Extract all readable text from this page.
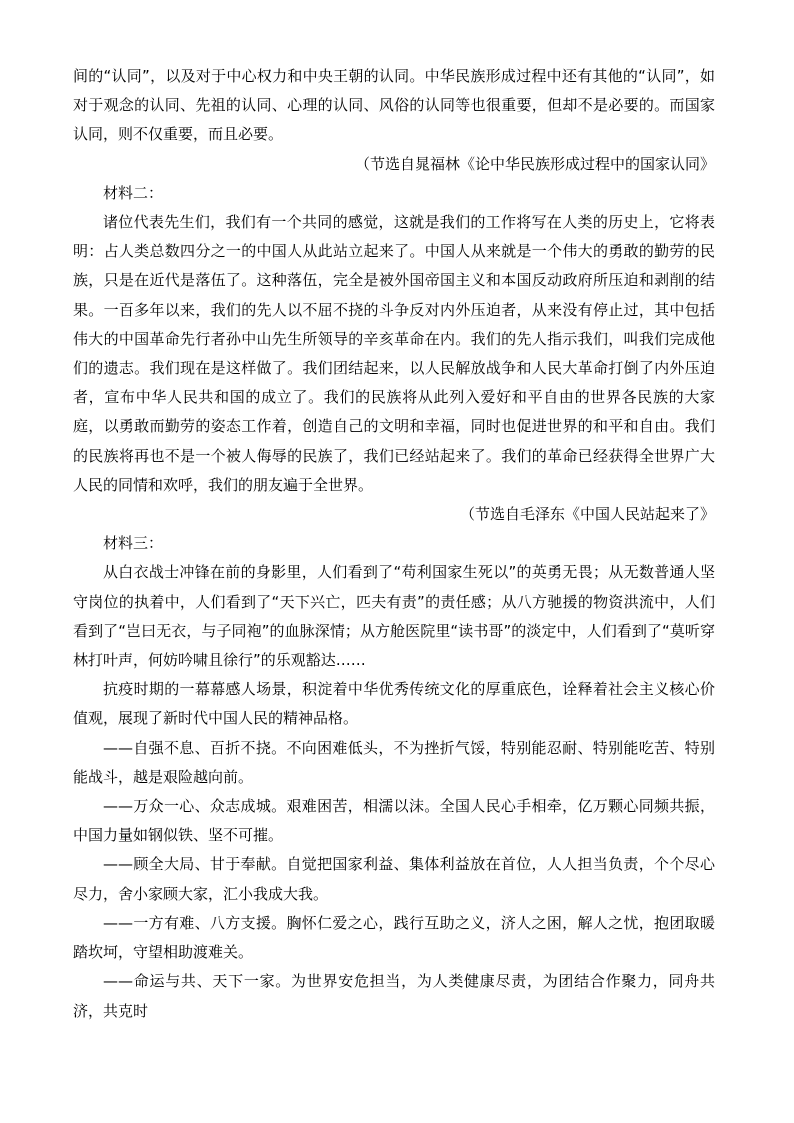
间的“认同”，以及对于中心权力和中央王朝的认同。中华民族形成过程中还有其他的“认同”，如对于观念的认同、先祖的认同、心理的认同、风俗的认同等也很重要，但却不是必要的。而国家认同，则不仅重要，而且必要。

（节选自晁福林《论中华民族形成过程中的国家认同》

材料二：

诸位代表先生们，我们有一个共同的感觉，这就是我们的工作将写在人类的历史上，它将表明：占人类总数四分之一的中国人从此站立起来了。中国人从来就是一个伟大的勇敢的勤劳的民族，只是在近代是落伍了。这种落伍，完全是被外国帝国主义和本国反动政府所压迫和剥削的结果。一百多年以来，我们的先人以不屈不挠的斗争反对内外压迫者，从来没有停止过，其中包括伟大的中国革命先行者孙中山先生所领导的辛亥革命在内。我们的先人指示我们，叫我们完成他们的遗志。我们现在是这样做了。我们团结起来，以人民解放战争和人民大革命打倒了内外压迫者，宣布中华人民共和国的成立了。我们的民族将从此列入爱好和平自由的世界各民族的大家庭，以勇敢而勤劳的姿态工作着，创造自己的文明和幸福，同时也促进世界的和平和自由。我们的民族将再也不是一个被人侮辱的民族了，我们已经站起来了。我们的革命已经获得全世界广大人民的同情和欢呼，我们的朋友遍于全世界。

（节选自毛泽东《中国人民站起来了》

材料三：

从白衣战士冲锋在前的身影里，人们看到了“苟利国家生死以”的英勇无畏；从无数普通人坚守岗位的执着中，人们看到了“天下兴亡，匹夫有责”的责任感；从八方驰援的物资洪流中，人们看到了“岂曰无衣，与子同袍”的血脉深情；从方舱医院里“读书哥”的淡定中，人们看到了“莫听穿林打叶声，何妨吟啸且徐行”的乐观豁达……

抗疫时期的一幕幕感人场景，积淀着中华优秀传统文化的厚重底色，诠释着社会主义核心价值观，展现了新时代中国人民的精神品格。

——自强不息、百折不挠。不向困难低头，不为挫折气馁，特别能忍耐、特别能吃苦、特别能战斗，越是艰险越向前。

——万众一心、众志成城。艰难困苦，相濡以沫。全国人民心手相牵，亿万颗心同频共振，中国力量如钢似铁、坚不可摧。

——顾全大局、甘于奉献。自觉把国家利益、集体利益放在首位，人人担当负责，个个尽心尽力，舍小家顾大家，汇小我成大我。

——一方有难、八方支援。胸怀仁爱之心，践行互助之义，济人之困，解人之忧，抱团取暖踏坎坷，守望相助渡难关。

——命运与共、天下一家。为世界安危担当，为人类健康尽责，为团结合作聚力，同舟共济，共克时
